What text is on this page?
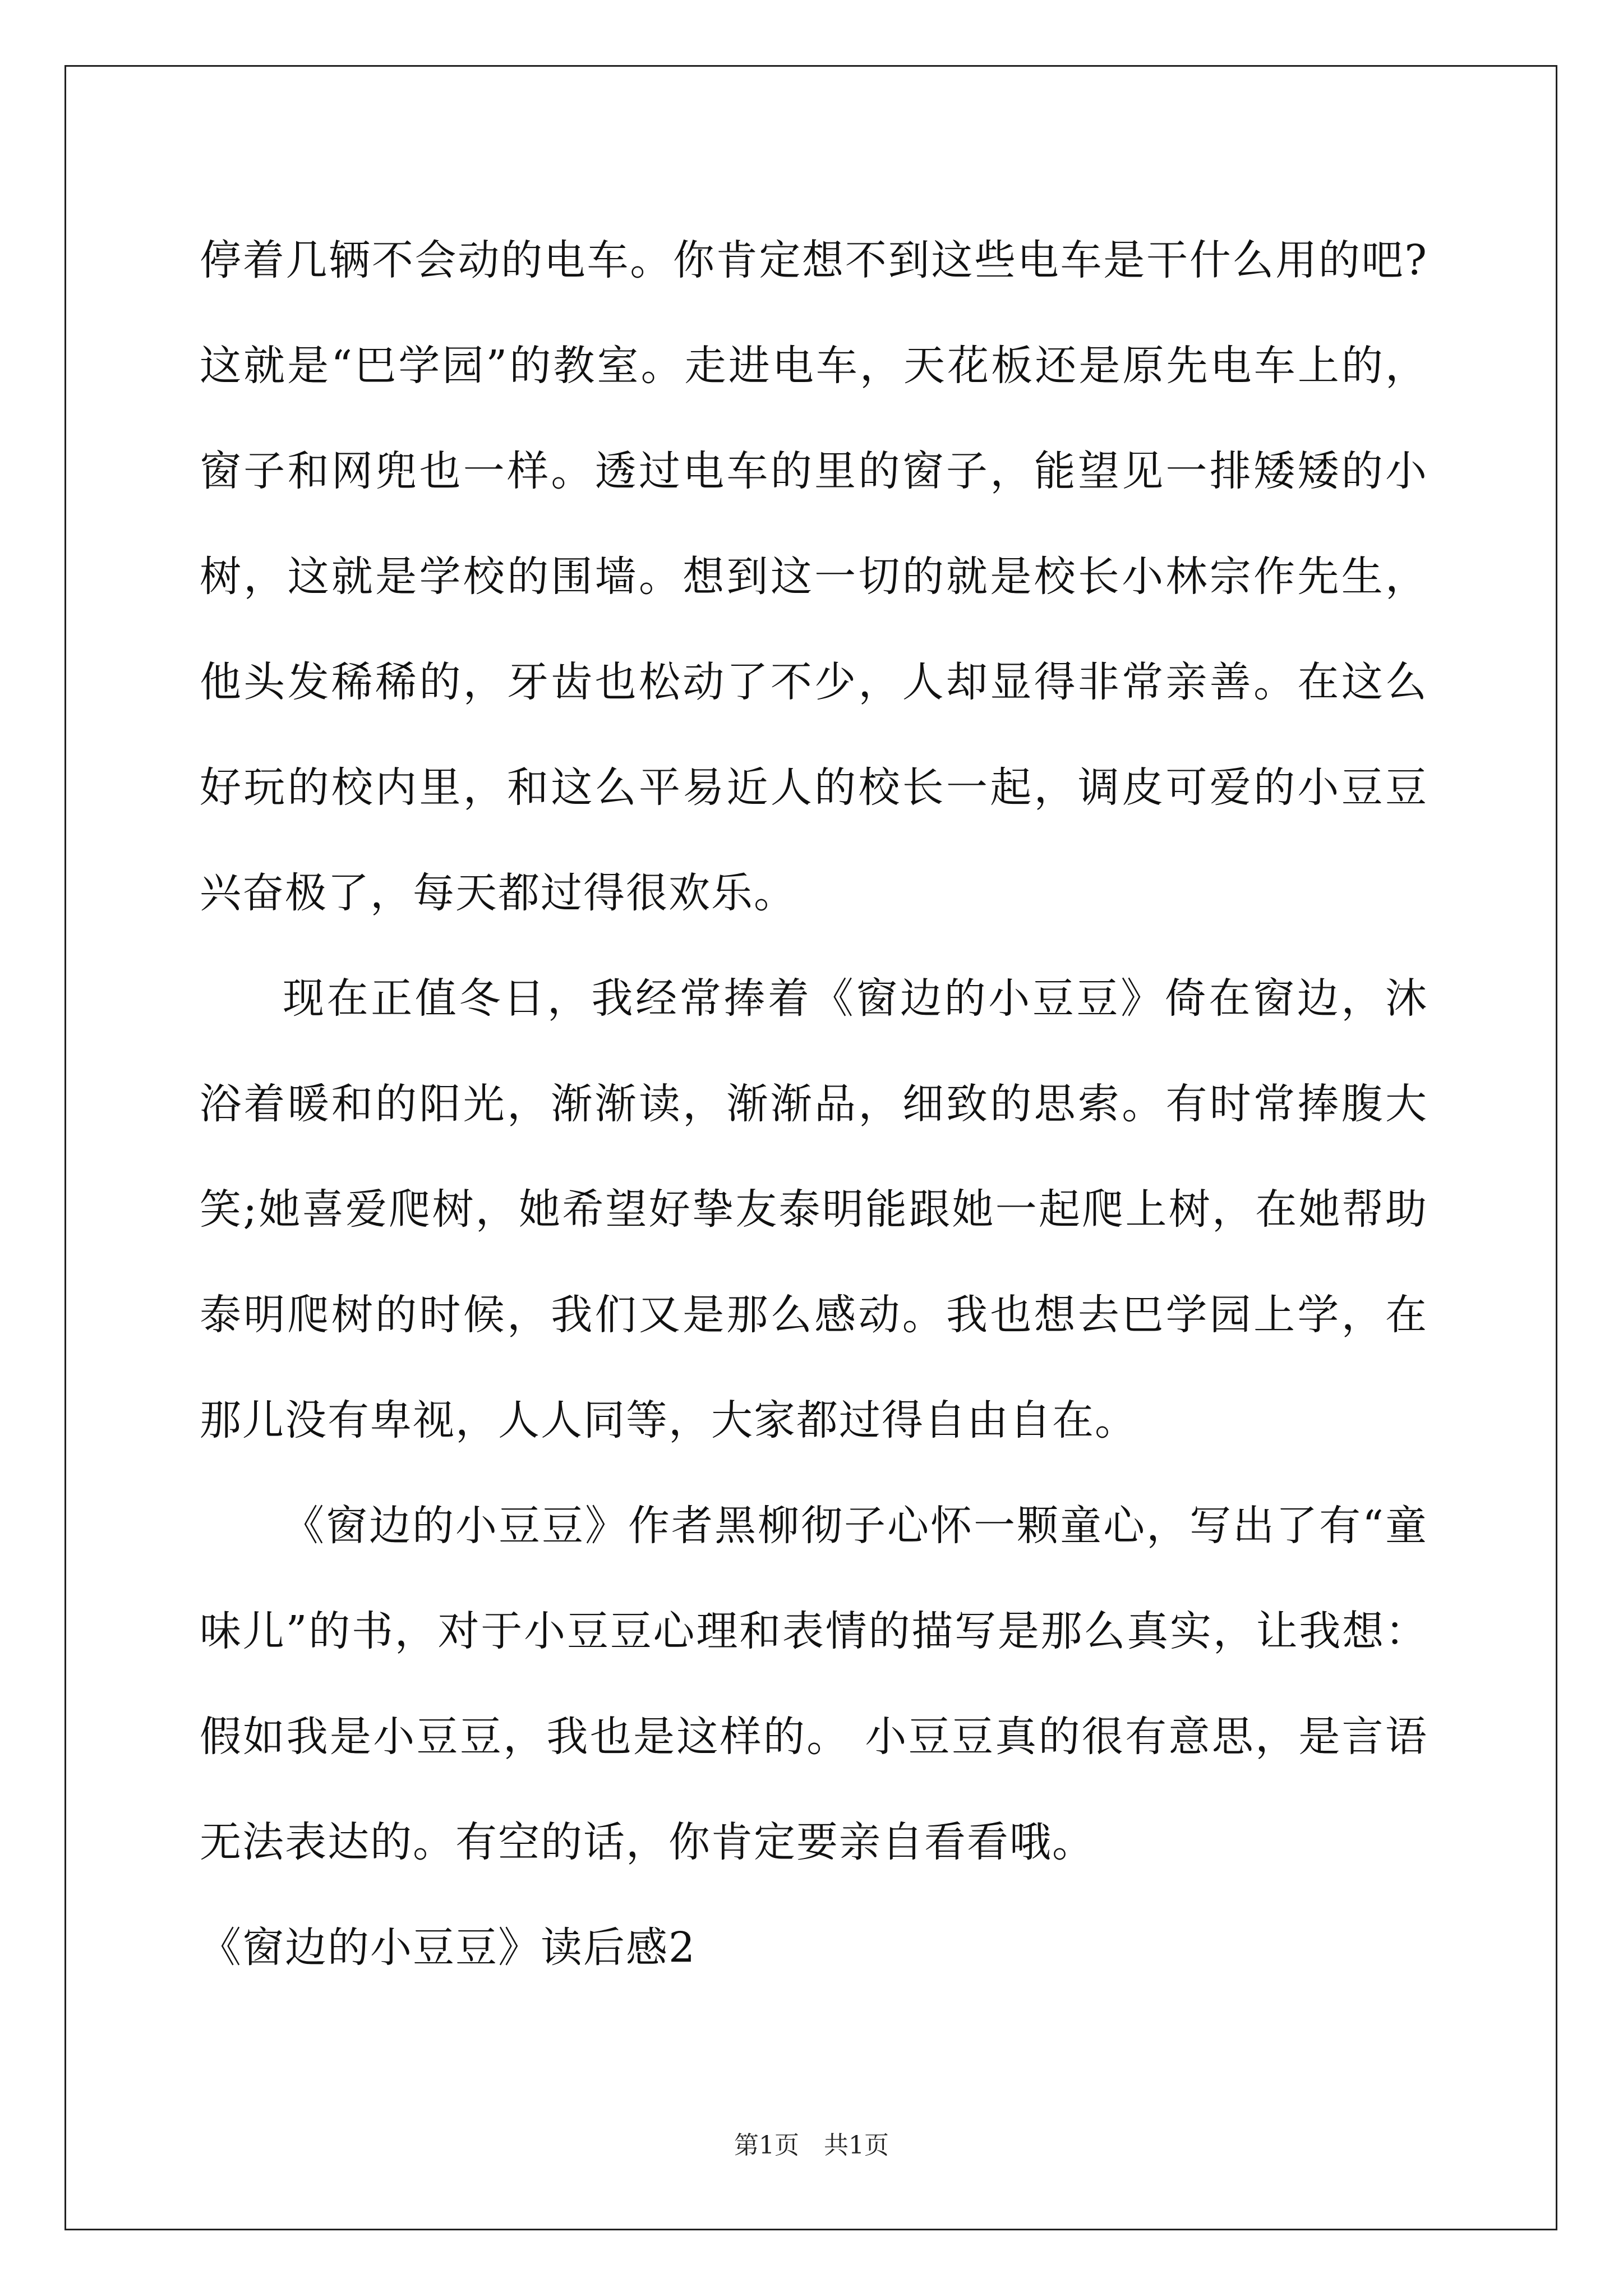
停着几辆不会动的电车。你肯定想不到这些电车是干什么用的吧?这就是“巴学园”的教室。走进电车，天花板还是原先电车上的，窗子和网兜也一样。透过电车的里的窗子，能望见一排矮矮的小树，这就是学校的围墙。想到这一切的就是校长小林宗作先生，他头发稀稀的，牙齿也松动了不少，人却显得非常亲善。在这么好玩的校内里，和这么平易近人的校长一起，调皮可爱的小豆豆兴奋极了，每天都过得很欢乐。

现在正值冬日，我经常捧着《窗边的小豆豆》倚在窗边，沐浴着暖和的阳光，渐渐读，渐渐品，细致的思索。有时常捧腹大笑;她喜爱爬树，她希望好挚友泰明能跟她一起爬上树，在她帮助泰明爬树的时候，我们又是那么感动。我也想去巴学园上学，在那儿没有卑视，人人同等，大家都过得自由自在。

《窗边的小豆豆》作者黑柳彻子心怀一颗童心，写出了有“童味儿”的书，对于小豆豆心理和表情的描写是那么真实，让我想：假如我是小豆豆，我也是这样的。 小豆豆真的很有意思，是言语无法表达的。有空的话，你肯定要亲自看看哦。

《窗边的小豆豆》读后感2
第1页　共1页
